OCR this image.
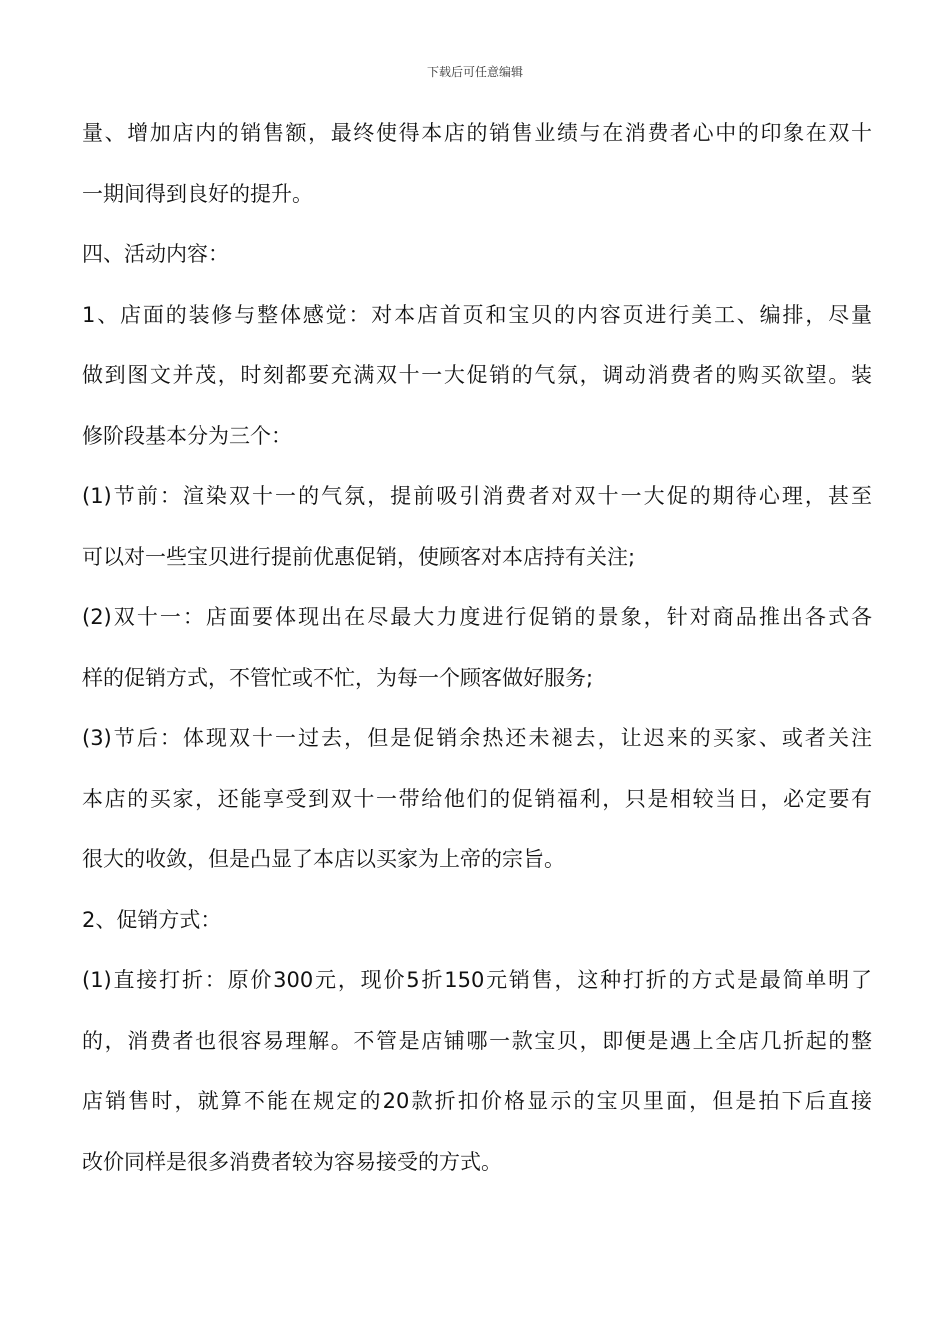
下载后可任意编辑
量、增加店内的销售额，最终使得本店的销售业绩与在消费者心中的印象在双十
一期间得到良好的提升。
四、活动内容：
1、店面的装修与整体感觉：对本店首页和宝贝的内容页进行美工、编排，尽量
做到图文并茂，时刻都要充满双十一大促销的气氛，调动消费者的购买欲望。装
修阶段基本分为三个：
(1)节前：渲染双十一的气氛，提前吸引消费者对双十一大促的期待心理，甚至
可以对一些宝贝进行提前优惠促销，使顾客对本店持有关注;
(2)双十一：店面要体现出在尽最大力度进行促销的景象，针对商品推出各式各
样的促销方式，不管忙或不忙，为每一个顾客做好服务;
(3)节后：体现双十一过去，但是促销余热还未褪去，让迟来的买家、或者关注
本店的买家，还能享受到双十一带给他们的促销福利，只是相较当日，必定要有
很大的收敛，但是凸显了本店以买家为上帝的宗旨。
2、促销方式：
(1)直接打折：原价300元，现价5折150元销售，这种打折的方式是最简单明了
的，消费者也很容易理解。不管是店铺哪一款宝贝，即便是遇上全店几折起的整
店销售时，就算不能在规定的20款折扣价格显示的宝贝里面，但是拍下后直接
改价同样是很多消费者较为容易接受的方式。
